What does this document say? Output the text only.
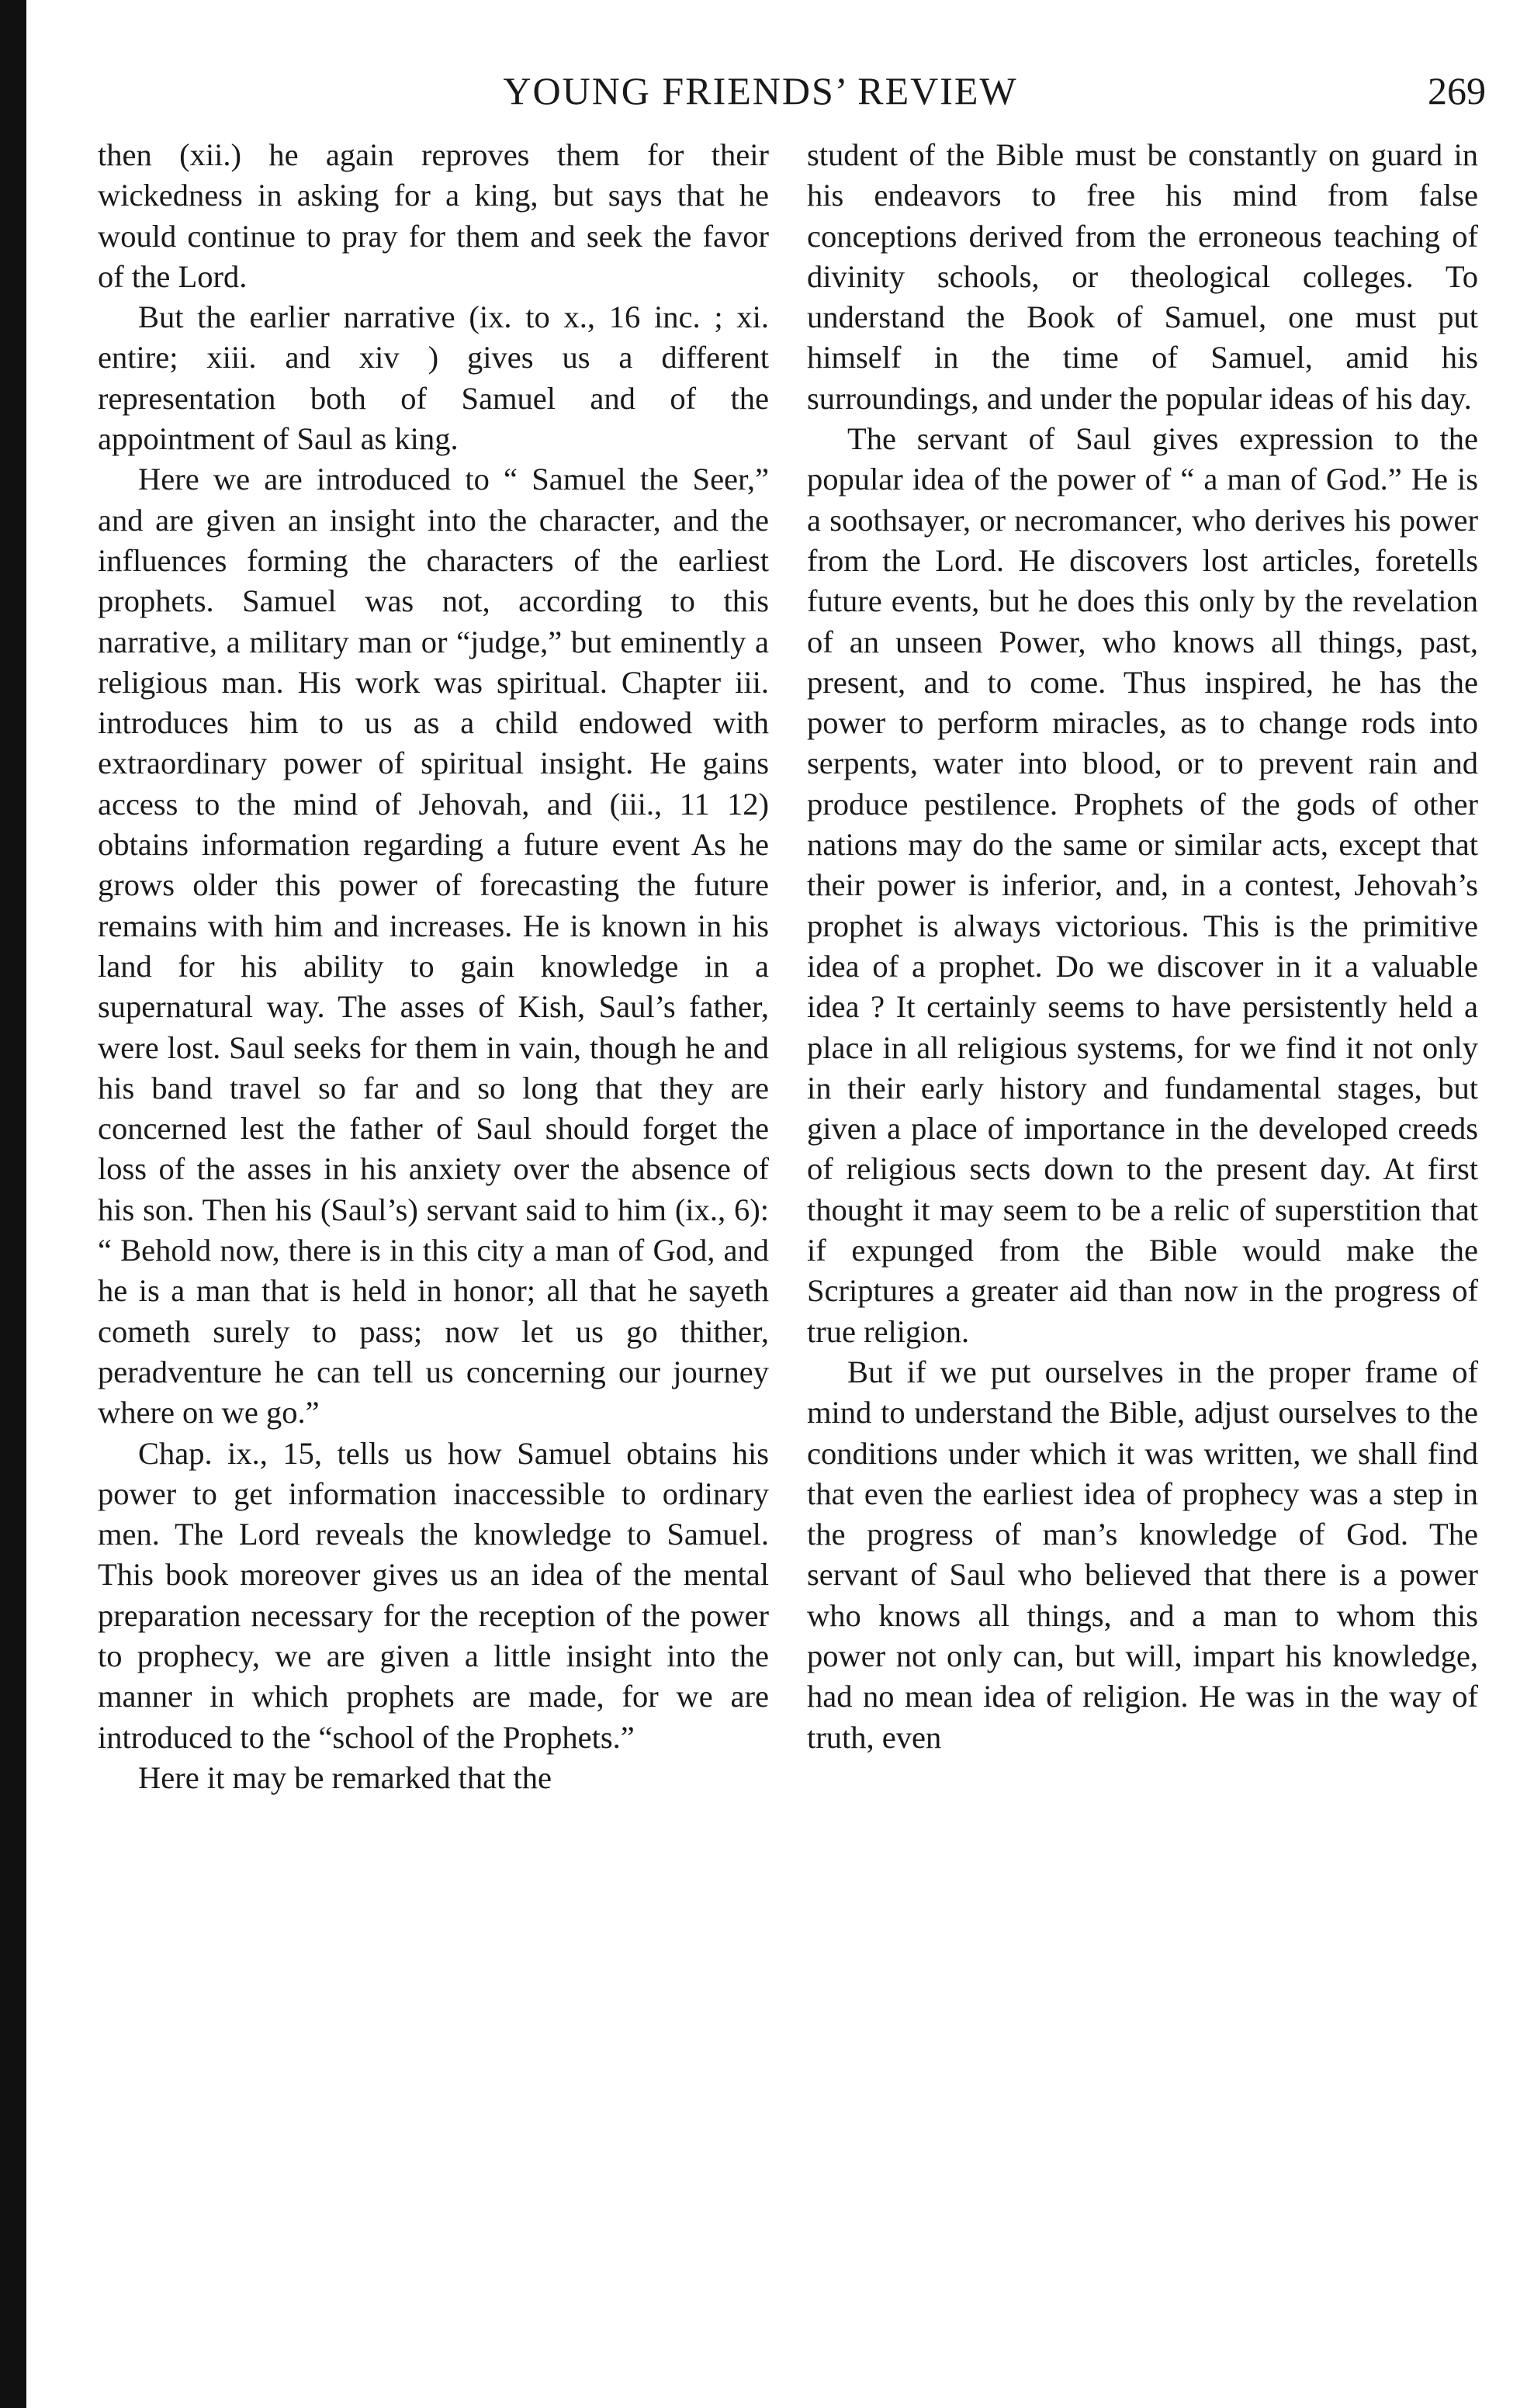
YOUNG FRIENDS’ REVIEW	269

then (xii.) he again reproves them for their wickedness in asking for a king, but says that he would continue to pray for them and seek the favor of the Lord.

But the earlier narrative (ix. to x., 16 inc. ; xi. entire; xiii. and xiv ) gives us a different representation both of Samuel and of the appointment of Saul as king.

Here we are introduced to “ Samuel the Seer,” and are given an insight into the character, and the influences forming the characters of the earliest prophets. Samuel was not, according to this narrative, a military man or “judge,” but eminently a religious man. His work was spiritual. Chapter iii. introduces him to us as a child endowed with extraordinary power of spiritual insight. He gains access to the mind of Jehovah, and (iii., 11 12) obtains information regarding a future event As he grows older this power of forecasting the future remains with him and increases. He is known in his land for his ability to gain knowledge in a supernatural way. The asses of Kish, Saul’s father, were lost. Saul seeks for them in vain, though he and his band travel so far and so long that they are concerned lest the father of Saul should forget the loss of the asses in his anxiety over the absence of his son. Then his (Saul’s) servant said to him (ix., 6): “ Behold now, there is in this city a man of God, and he is a man that is held in honor; all that he sayeth cometh surely to pass; now let us go thither, peradventure he can tell us concerning our journey where on we go.”

Chap. ix., 15, tells us how Samuel obtains his power to get information inaccessible to ordinary men. The Lord reveals the knowledge to Samuel. This book moreover gives us an idea of the mental preparation necessary for the reception of the power to prophecy, we are given a little insight into the manner in which prophets are made, for we are introduced to the “school of the Prophets.”

Here it may be remarked that the

student of the Bible must be constantly on guard in his endeavors to free his mind from false conceptions derived from the erroneous teaching of divinity schools, or theological colleges. To understand the Book of Samuel, one must put himself in the time of Samuel, amid his surroundings, and under the popular ideas of his day.

The servant of Saul gives expression to the popular idea of the power of “ a man of God.” He is a soothsayer, or necromancer, who derives his power from the Lord. He discovers lost articles, foretells future events, but he does this only by the revelation of an unseen Power, who knows all things, past, present, and to come. Thus inspired, he has the power to perform miracles, as to change rods into serpents, water into blood, or to prevent rain and produce pestilence. Prophets of the gods of other nations may do the same or similar acts, except that their power is inferior, and, in a contest, Jehovah’s prophet is always victorious. This is the primitive idea of a prophet. Do we discover in it a valuable idea ? It certainly seems to have persistently held a place in all religious systems, for we find it not only in their early history and fundamental stages, but given a place of importance in the developed creeds of religious sects down to the present day. At first thought it may seem to be a relic of superstition that if expunged from the Bible would make the Scriptures a greater aid than now in the progress of true religion.

But if we put ourselves in the proper frame of mind to understand the Bible, adjust ourselves to the conditions under which it was written, we shall find that even the earliest idea of prophecy was a step in the progress of man’s knowledge of God. The servant of Saul who believed that there is a power who knows all things, and a man to whom this power not only can, but will, impart his knowledge, had no mean idea of religion. He was in the way of truth, even
